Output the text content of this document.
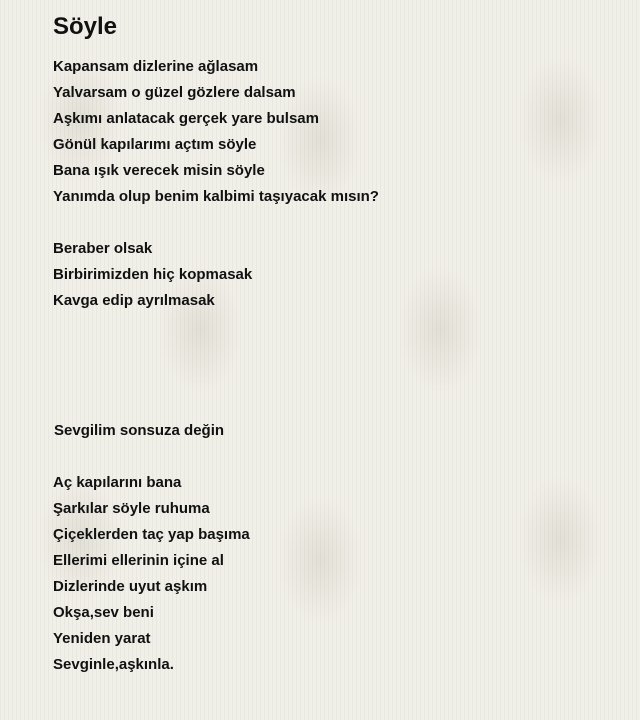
Söyle
Kapansam dizlerine ağlasam
Yalvarsam o güzel gözlere dalsam
Aşkımı anlatacak gerçek yare bulsam
Gönül kapılarımı açtım söyle
Bana ışık verecek misin söyle
Yanımda olup benim kalbimi taşıyacak mısın?
Beraber olsak
Birbirimizden hiç kopmasak
Kavga edip ayrılmasak
Sevgilim sonsuza değin
Aç kapılarını bana
Şarkılar söyle ruhuma
Çiçeklerden taç yap başıma
Ellerimi ellerinin içine al
Dizlerinde uyut aşkım
Okşa,sev beni
Yeniden yarat
Sevginle,aşkınla.
